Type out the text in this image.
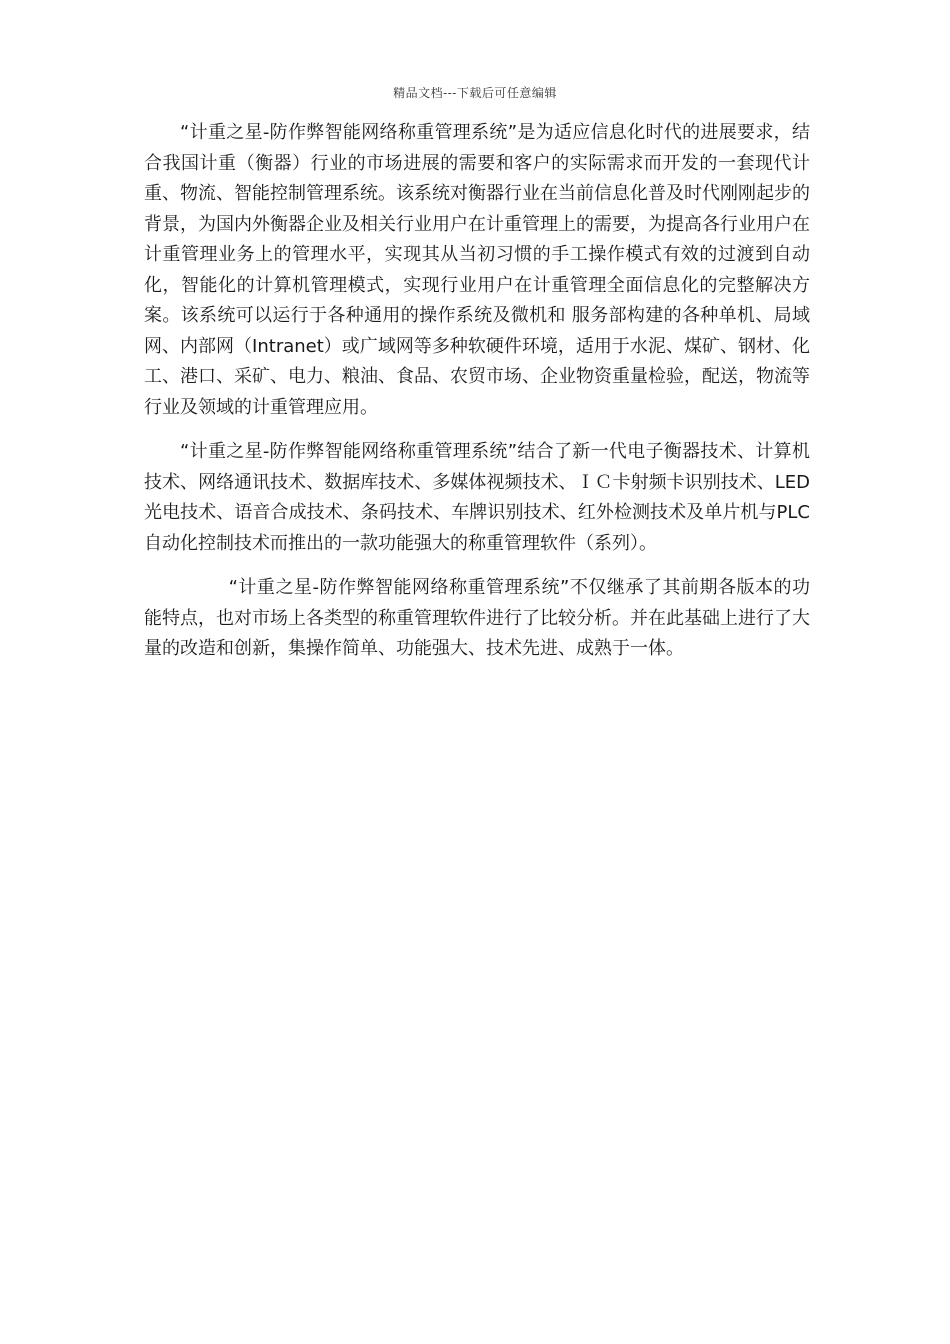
精品文档---下载后可任意编辑

“计重之星-防作弊智能网络称重管理系统”是为适应信息化时代的进展要求，结合我国计重（衡器）行业的市场进展的需要和客户的实际需求而开发的一套现代计重、物流、智能控制管理系统。该系统对衡器行业在当前信息化普及时代刚刚起步的背景，为国内外衡器企业及相关行业用户在计重管理上的需要，为提高各行业用户在计重管理业务上的管理水平，实现其从当初习惯的手工操作模式有效的过渡到自动化，智能化的计算机管理模式，实现行业用户在计重管理全面信息化的完整解决方案。该系统可以运行于各种通用的操作系统及微机和 服务部构建的各种单机、局域网、内部网（Intranet）或广域网等多种软硬件环境，适用于水泥、煤矿、钢材、化工、港口、采矿、电力、粮油、食品、农贸市场、企业物资重量检验，配送，物流等行业及领域的计重管理应用。

“计重之星-防作弊智能网络称重管理系统”结合了新一代电子衡器技术、计算机技术、网络通讯技术、数据库技术、多媒体视频技术、ＩＣ卡射频卡识别技术、LED光电技术、语音合成技术、条码技术、车牌识别技术、红外检测技术及单片机与PLC自动化控制技术而推出的一款功能强大的称重管理软件（系列）。

“计重之星-防作弊智能网络称重管理系统”不仅继承了其前期各版本的功能特点，也对市场上各类型的称重管理软件进行了比较分析。并在此基础上进行了大量的改造和创新，集操作简单、功能强大、技术先进、成熟于一体。
